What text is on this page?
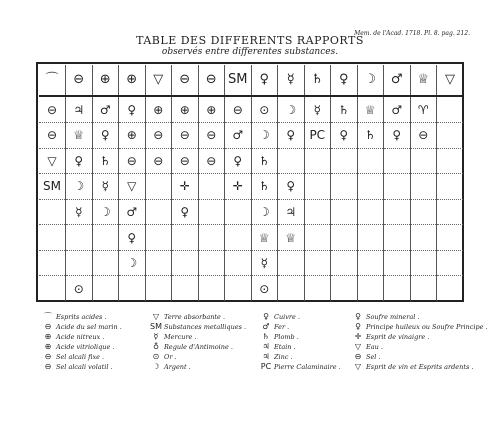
Mem. de l'Acad. 1718. Pl. 8. pag. 212.
TABLE DES DIFFERENTS RAPPORTS
observés entre differentes substances.
⌒	⊖	⊕	⊕	▽	⊖	⊖	SM	♀	☿	♄	♀	☽	♂	♕	▽
⊖	♃	♂	♀	⊕	⊕	⊕	⊖	⊙	☽	☿	♄	♕	♂	♈︎	
⊖	♕	♀	⊕	⊖	⊖	⊖	♂	☽	♀	PC	♀	♄	♀	⊖	
▽	♀	♄	⊖	⊖	⊖	⊖	♀	♄							
SM	☽	☿	▽		✛		✛	♄	♀						
	☿	☽	♂		♀			☽	♃						
			♀					♕	♕						
			☽					☿							
	⊙							⊙							
⌒ Esprits acides .
⊖ Acide du sel marin .
⊕ Acide nitreux .
⊕ Acide vitriolique .
⊖ Sel alcali fixe .
⊖ Sel alcali volatil .
▽ Terre absorbante .
SM Substances metalliques .
☿ Mercure .
♁ Regule d'Antimoine .
⊙ Or .
☽ Argent .
♀ Cuivre .
♂ Fer .
♄ Plomb .
♃ Etain .
♃ Zinc .
PC Pierre Calaminaire .
♀ Soufre mineral .
♀ Principe huileux ou Soufre Principe .
✛ Esprit de vinaigre .
▽ Eau .
⊖ Sel .
▽ Esprit de vin et Esprits ardents .
